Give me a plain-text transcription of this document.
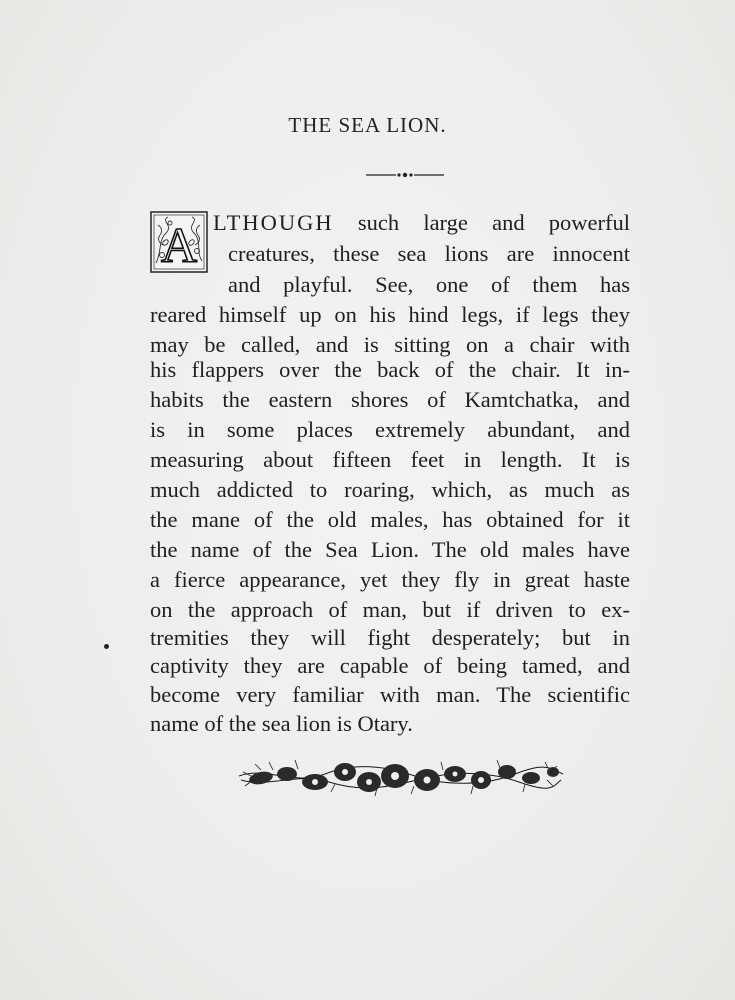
THE SEA LION.
A LTHOUGH such large and powerful
creatures, these sea lions are innocent
and playful. See, one of them has
reared himself up on his hind legs, if legs they
may be called, and is sitting on a chair with
his flappers over the back of the chair. It in-
habits the eastern shores of Kamtchatka, and
is in some places extremely abundant, and
measuring about fifteen feet in length. It is
much addicted to roaring, which, as much as
the mane of the old males, has obtained for it
the name of the Sea Lion. The old males have
a fierce appearance, yet they fly in great haste
on the approach of man, but if driven to ex-
tremities they will fight desperately; but in
captivity they are capable of being tamed, and
become very familiar with man. The scientific
name of the sea lion is Otary.
